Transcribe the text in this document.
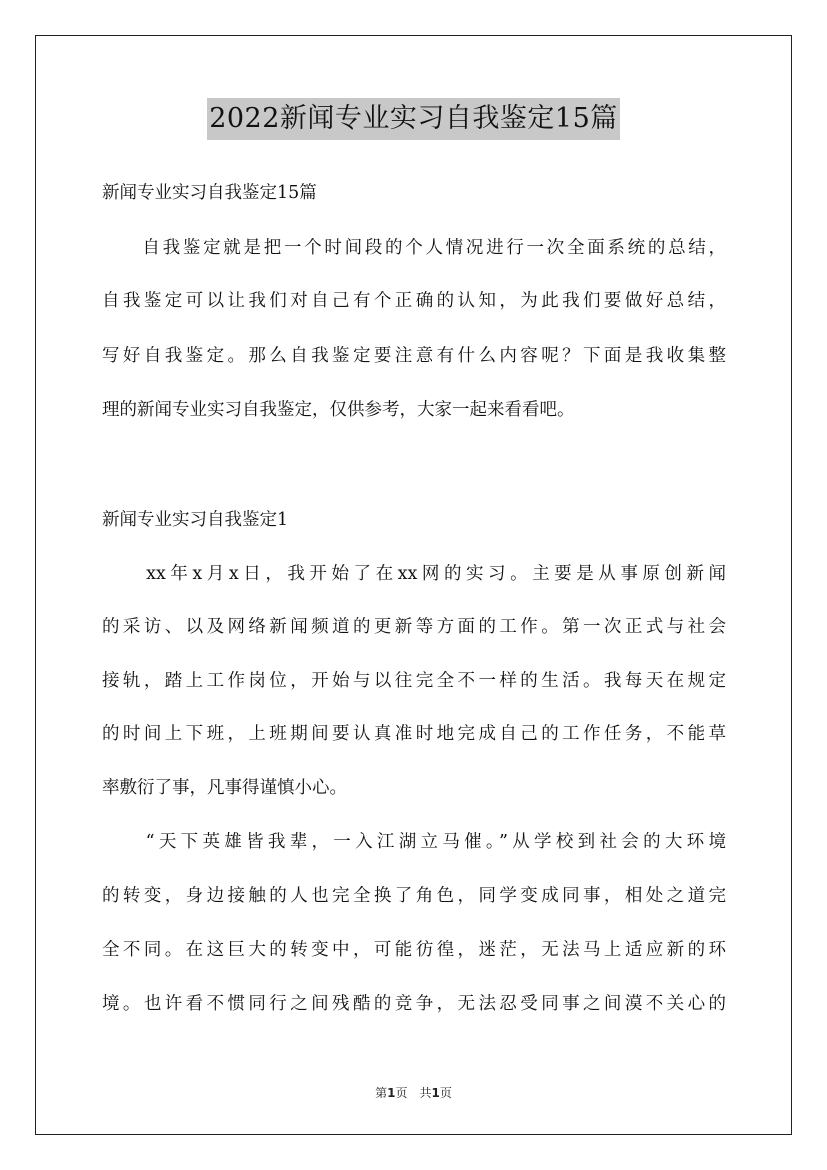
2022新闻专业实习自我鉴定15篇
新闻专业实习自我鉴定15篇
　　自我鉴定就是把一个时间段的个人情况进行一次全面系统的总结，
自我鉴定可以让我们对自己有个正确的认知，为此我们要做好总结，
写好自我鉴定。那么自我鉴定要注意有什么内容呢？下面是我收集整
理的新闻专业实习自我鉴定，仅供参考，大家一起来看看吧。
新闻专业实习自我鉴定1
　　xx年x月x日，我开始了在xx网的实习。主要是从事原创新闻
的采访、以及网络新闻频道的更新等方面的工作。第一次正式与社会
接轨，踏上工作岗位，开始与以往完全不一样的生活。我每天在规定
的时间上下班，上班期间要认真准时地完成自己的工作任务，不能草
率敷衍了事，凡事得谨慎小心。
　　“天下英雄皆我辈，一入江湖立马催。”从学校到社会的大环境
的转变，身边接触的人也完全换了角色，同学变成同事，相处之道完
全不同。在这巨大的转变中，可能彷徨，迷茫，无法马上适应新的环
境。也许看不惯同行之间残酷的竞争，无法忍受同事之间漠不关心的
第1页　共1页
